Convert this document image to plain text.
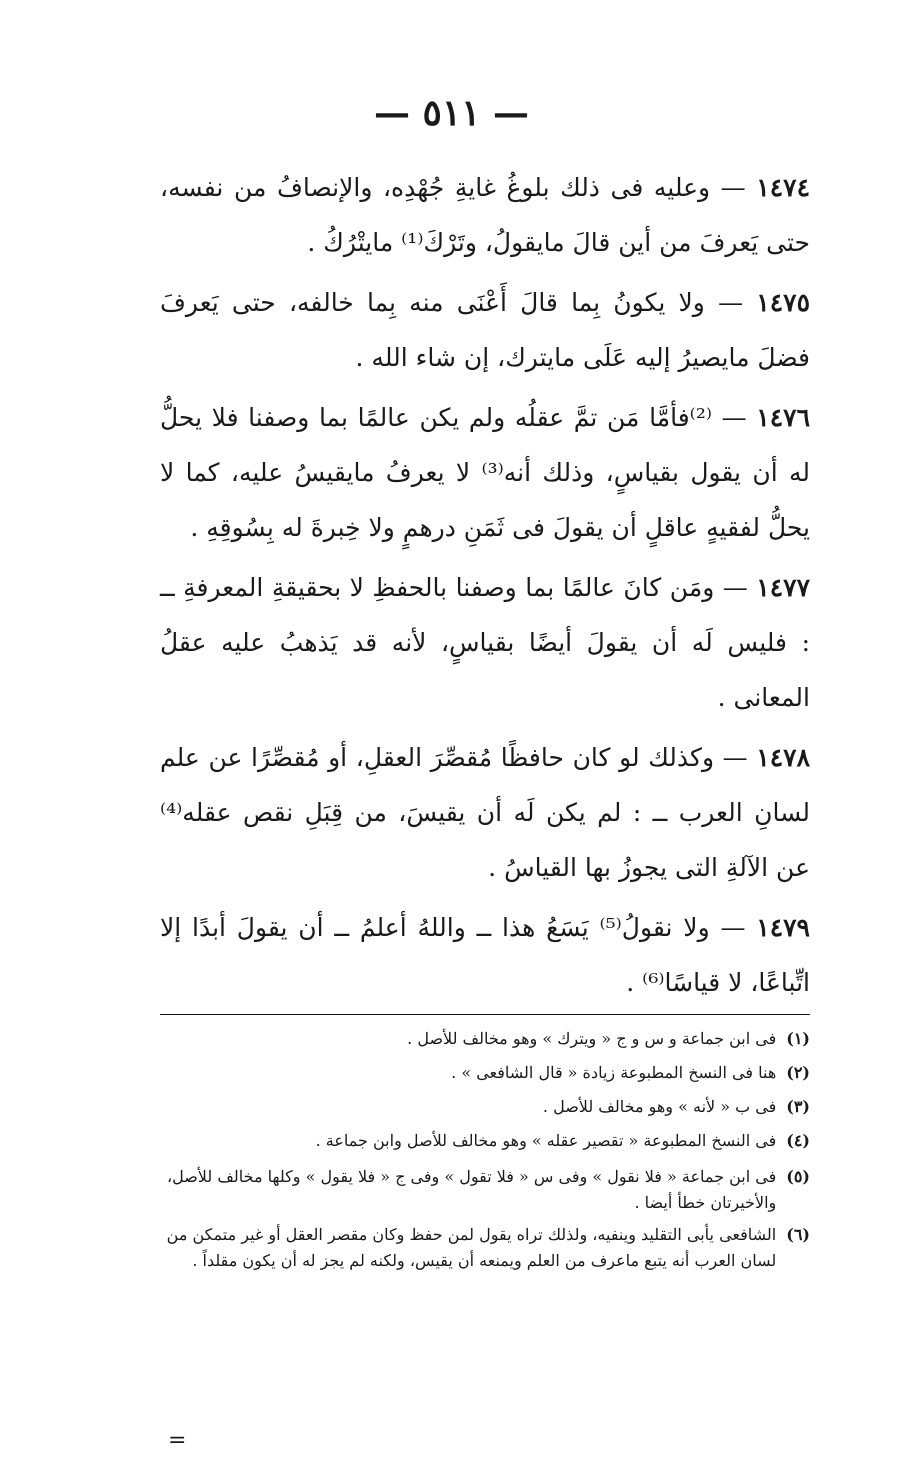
— ٥١١ —

١٤٧٤ — وعليه فى ذلك بلوغُ غايةِ جُهْدِه، والإنصافُ من نفسه، حتى يَعرفَ من أين قالَ مايقولُ، وتَرْكَ⁽¹⁾ مايتْرُكُ .

١٤٧٥ — ولا يكونُ بِما قالَ أَعْنَى منه بِما خالفه، حتى يَعرفَ فضلَ مايصيرُ إليه عَلَى مايترك، إن شاء الله .

١٤٧٦ — ⁽²⁾فأمَّا مَن تمَّ عقلُه ولم يكن عالمًا بما وصفنا فلا يحلُّ له أن يقول بقياسٍ، وذلك أنه⁽³⁾ لا يعرفُ مايقيسُ عليه، كما لا يحلُّ لفقيهٍ عاقلٍ أن يقولَ فى ثَمَنِ درهمٍ ولا خِبرةَ له بِسُوقِهِ .

١٤٧٧ — ومَن كانَ عالمًا بما وصفنا بالحفظِ لا بحقيقةِ المعرفةِ ــ : فليس لَه أن يقولَ أيضًا بقياسٍ، لأنه قد يَذهبُ عليه عقلُ المعانى .

١٤٧٨ — وكذلك لو كان حافظًا مُقصِّرَ العقلِ، أو مُقصِّرًا عن علم لسانِ العرب ــ : لم يكن لَه أن يقيسَ، من قِبَلِ نقص عقله⁽⁴⁾ عن الآلةِ التى يجوزُ بها القياسُ .

١٤٧٩ — ولا نقولُ⁽⁵⁾ يَسَعُ هذا ــ واللهُ أعلمُ ــ أن يقولَ أبدًا إلا اتِّباعًا، لا قياسًا⁽⁶⁾ .

(١)
فى ابن جماعة و س و ج « ويترك » وهو مخالف للأصل .
(٢)
هنا فى النسخ المطبوعة زيادة « قال الشافعى » .
(٣)
فى ب « لأنه » وهو مخالف للأصل .
(٤)
فى النسخ المطبوعة « تقصير عقله » وهو مخالف للأصل وابن جماعة .
(٥)
فى ابن جماعة « فلا نقول » وفى س « فلا تقول » وفى ج « فلا يقول » وكلها مخالف للأصل، والأخيرتان خطأ أيضا .
(٦)
الشافعى يأبى التقليد وينفيه، ولذلك تراه يقول لمن حفظ وكان مقصر العقل أو غير متمكن من لسان العرب أنه يتبع ماعرف من العلم ويمنعه أن يقيس، ولكنه لم يجز له أن يكون مقلداً .
=
